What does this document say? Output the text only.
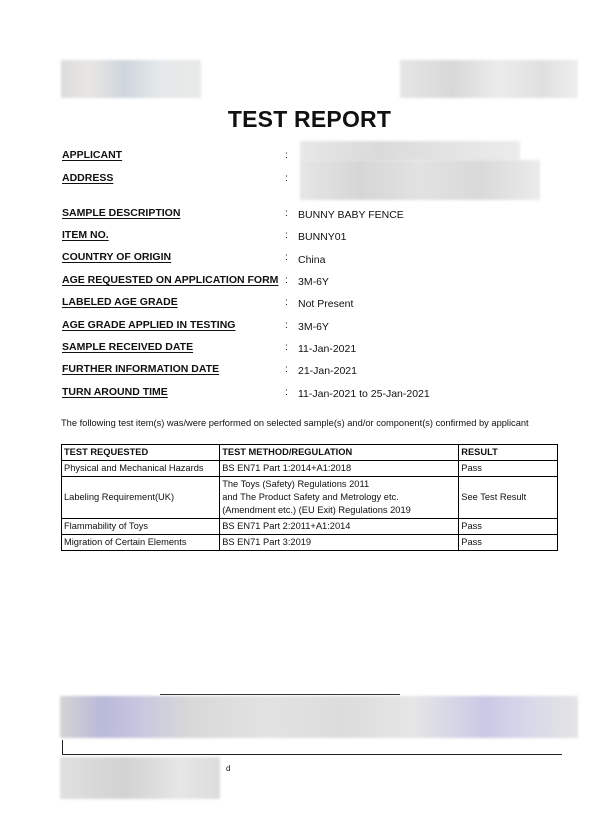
TEST REPORT
APPLICANT	:
ADDRESS	:
SAMPLE DESCRIPTION	: BUNNY BABY FENCE
ITEM NO.	: BUNNY01
COUNTRY OF ORIGIN	: China
AGE REQUESTED ON APPLICATION FORM : 3M-6Y
LABELED AGE GRADE	: Not Present
AGE GRADE APPLIED IN TESTING	: 3M-6Y
SAMPLE RECEIVED DATE	: 11-Jan-2021
FURTHER INFORMATION DATE	: 21-Jan-2021
TURN AROUND TIME	: 11-Jan-2021 to 25-Jan-2021
The following test item(s) was/were performed on selected sample(s) and/or component(s) confirmed by applicant
TEST REQUESTED	TEST METHOD/REGULATION	RESULT
Physical and Mechanical Hazards	BS EN71 Part 1:2014+A1:2018	Pass
Labeling Requirement(UK)	The Toys (Safety) Regulations 2011
and The Product Safety and Metrology etc.
(Amendment etc.) (EU Exit) Regulations 2019	See Test Result
Flammability of Toys	BS EN71 Part 2:2011+A1:2014	Pass
Migration of Certain Elements	BS EN71 Part 3:2019	Pass
d
